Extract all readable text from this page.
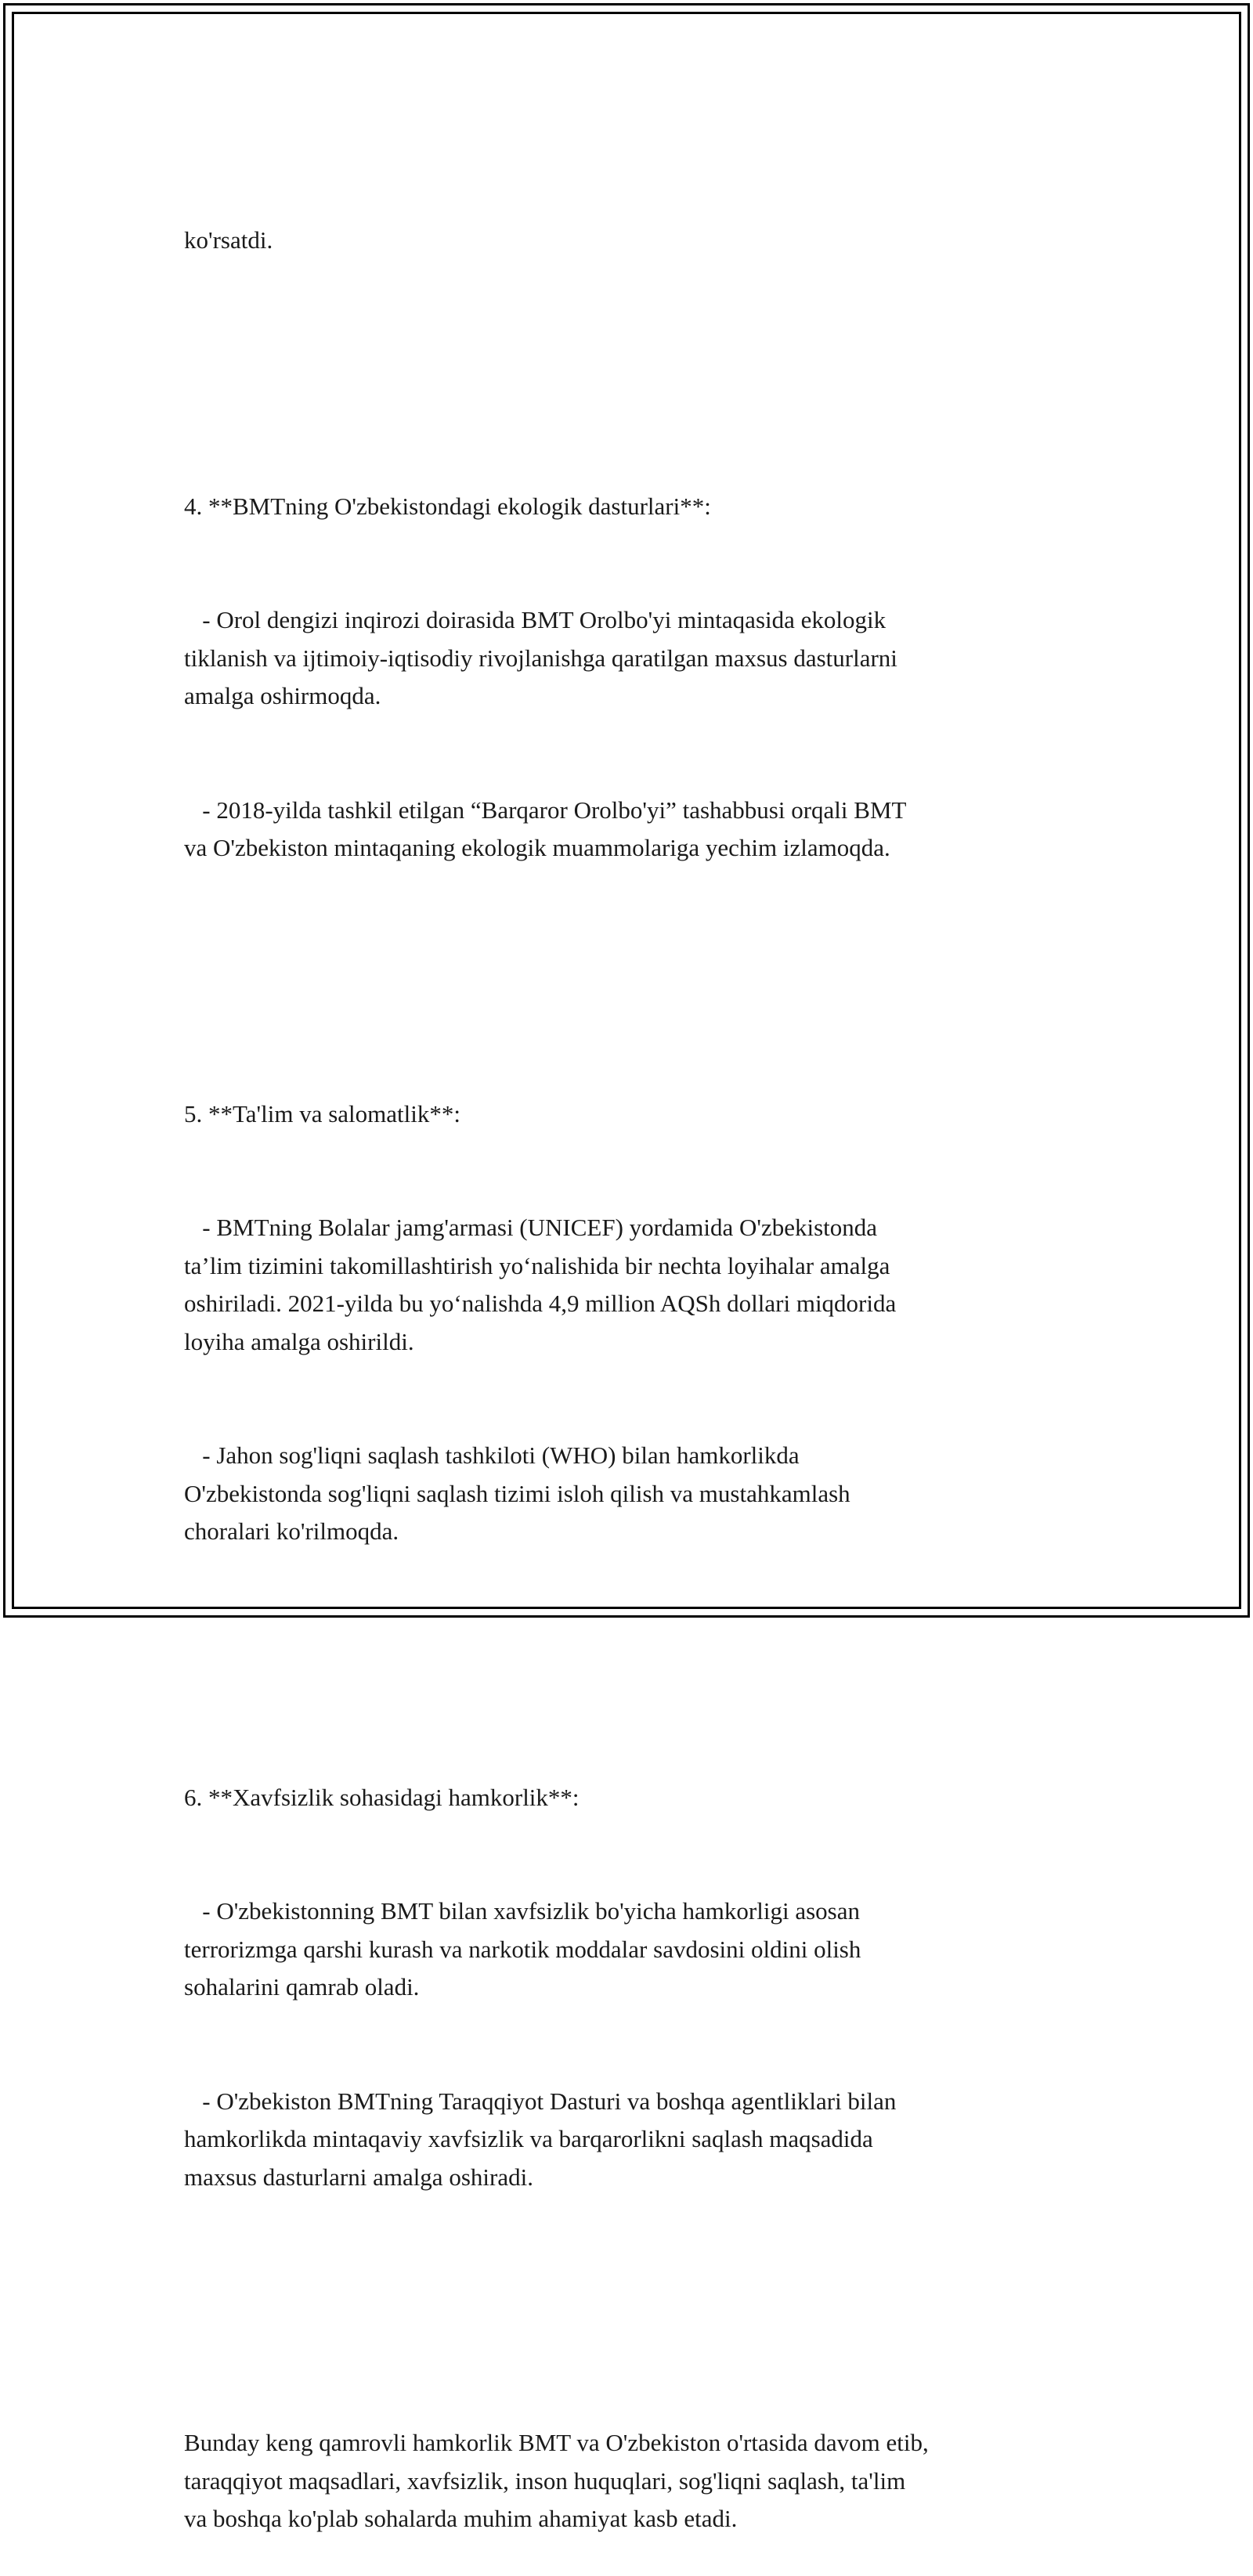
ko'rsatdi.

4. **BMTning O'zbekistondagi ekologik dasturlari**:

- Orol dengizi inqirozi doirasida BMT Orolbo'yi mintaqasida ekologik
tiklanish va ijtimoiy-iqtisodiy rivojlanishga qaratilgan maxsus dasturlarni
amalga oshirmoqda.

- 2018-yilda tashkil etilgan “Barqaror Orolbo'yi” tashabbusi orqali BMT
va O'zbekiston mintaqaning ekologik muammolariga yechim izlamoqda.

5. **Ta'lim va salomatlik**:

- BMTning Bolalar jamg'armasi (UNICEF) yordamida O'zbekistonda
ta’lim tizimini takomillashtirish yo‘nalishida bir nechta loyihalar amalga
oshiriladi. 2021-yilda bu yo‘nalishda 4,9 million AQSh dollari miqdorida
loyiha amalga oshirildi.

- Jahon sog'liqni saqlash tashkiloti (WHO) bilan hamkorlikda
O'zbekistonda sog'liqni saqlash tizimi isloh qilish va mustahkamlash
choralari ko'rilmoqda.

6. **Xavfsizlik sohasidagi hamkorlik**:

- O'zbekistonning BMT bilan xavfsizlik bo'yicha hamkorligi asosan
terrorizmga qarshi kurash va narkotik moddalar savdosini oldini olish
sohalarini qamrab oladi.

- O'zbekiston BMTning Taraqqiyot Dasturi va boshqa agentliklari bilan
hamkorlikda mintaqaviy xavfsizlik va barqarorlikni saqlash maqsadida
maxsus dasturlarni amalga oshiradi.

Bunday keng qamrovli hamkorlik BMT va O'zbekiston o'rtasida davom etib,
taraqqiyot maqsadlari, xavfsizlik, inson huquqlari, sog'liqni saqlash, ta'lim
va boshqa ko'plab sohalarda muhim ahamiyat kasb etadi.
